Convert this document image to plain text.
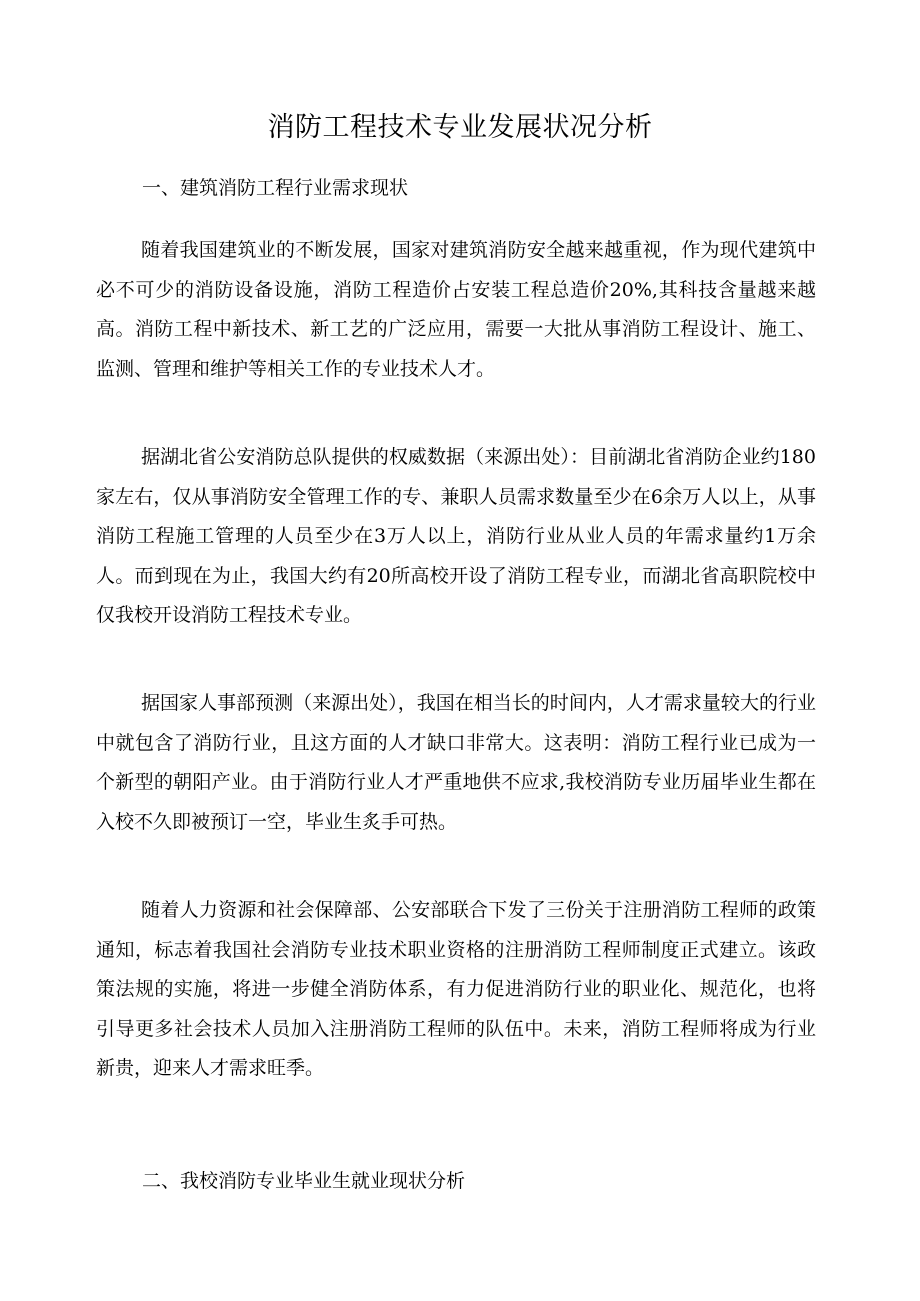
消防工程技术专业发展状况分析
一、建筑消防工程行业需求现状

随着我国建筑业的不断发展，国家对建筑消防安全越来越重视，作为现代建筑中必不可少的消防设备设施，消防工程造价占安装工程总造价20%,其科技含量越来越高。消防工程中新技术、新工艺的广泛应用，需要一大批从事消防工程设计、施工、监测、管理和维护等相关工作的专业技术人才。

据湖北省公安消防总队提供的权威数据（来源出处）：目前湖北省消防企业约180家左右，仅从事消防安全管理工作的专、兼职人员需求数量至少在6余万人以上，从事消防工程施工管理的人员至少在3万人以上，消防行业从业人员的年需求量约1万余人。而到现在为止，我国大约有20所高校开设了消防工程专业，而湖北省高职院校中仅我校开设消防工程技术专业。

据国家人事部预测（来源出处），我国在相当长的时间内，人才需求量较大的行业中就包含了消防行业，且这方面的人才缺口非常大。这表明：消防工程行业已成为一个新型的朝阳产业。由于消防行业人才严重地供不应求,我校消防专业历届毕业生都在入校不久即被预订一空，毕业生炙手可热。

随着人力资源和社会保障部、公安部联合下发了三份关于注册消防工程师的政策通知，标志着我国社会消防专业技术职业资格的注册消防工程师制度正式建立。该政策法规的实施，将进一步健全消防体系，有力促进消防行业的职业化、规范化，也将引导更多社会技术人员加入注册消防工程师的队伍中。未来，消防工程师将成为行业新贵，迎来人才需求旺季。

二、我校消防专业毕业生就业现状分析
